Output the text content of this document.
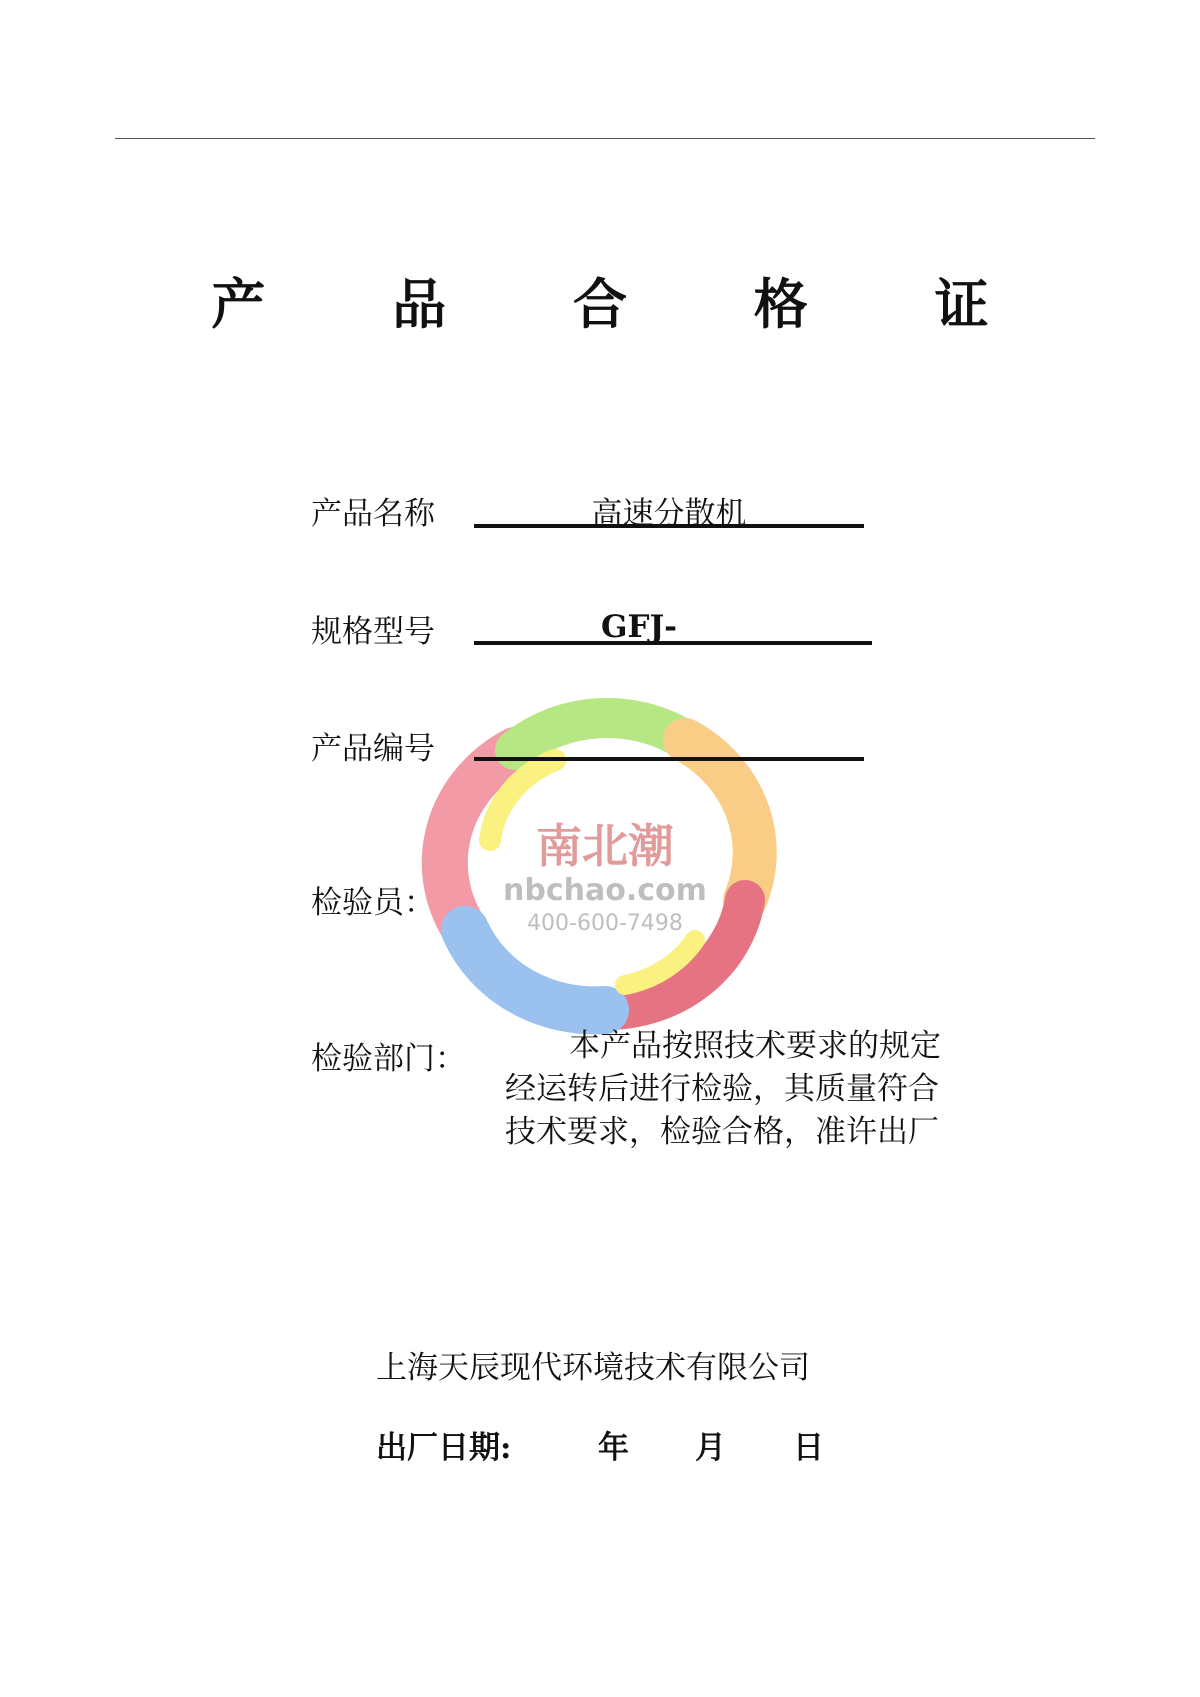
产 品 合 格 证
南北潮
nbchao.com
400-600-7498
产品名称	高速分散机
规格型号	GFJ-
产品编号
检验员：
检验部门：	本产品按照技术要求的规定
经运转后进行检验，其质量符合
技术要求，检验合格，准许出厂
上海天辰现代环境技术有限公司
出厂日期:	年 月 日
